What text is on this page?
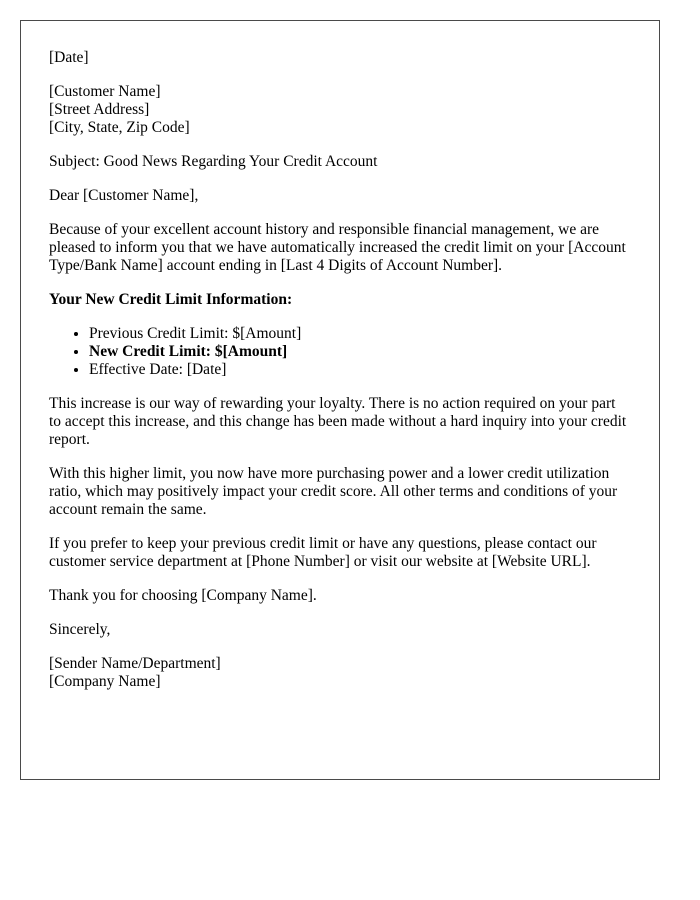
[Date]
[Customer Name]
[Street Address]
[City, State, Zip Code]

Subject: Good News Regarding Your Credit Account

Dear [Customer Name],

Because of your excellent account history and responsible financial management, we are pleased to inform you that we have automatically increased the credit limit on your [Account Type/Bank Name] account ending in [Last 4 Digits of Account Number].

Your New Credit Limit Information:
• Previous Credit Limit: $[Amount]
• New Credit Limit: $[Amount]
• Effective Date: [Date]

This increase is our way of rewarding your loyalty. There is no action required on your part to accept this increase, and this change has been made without a hard inquiry into your credit report.

With this higher limit, you now have more purchasing power and a lower credit utilization ratio, which may positively impact your credit score. All other terms and conditions of your account remain the same.

If you prefer to keep your previous credit limit or have any questions, please contact our customer service department at [Phone Number] or visit our website at [Website URL].

Thank you for choosing [Company Name].

Sincerely,

[Sender Name/Department]
[Company Name]
